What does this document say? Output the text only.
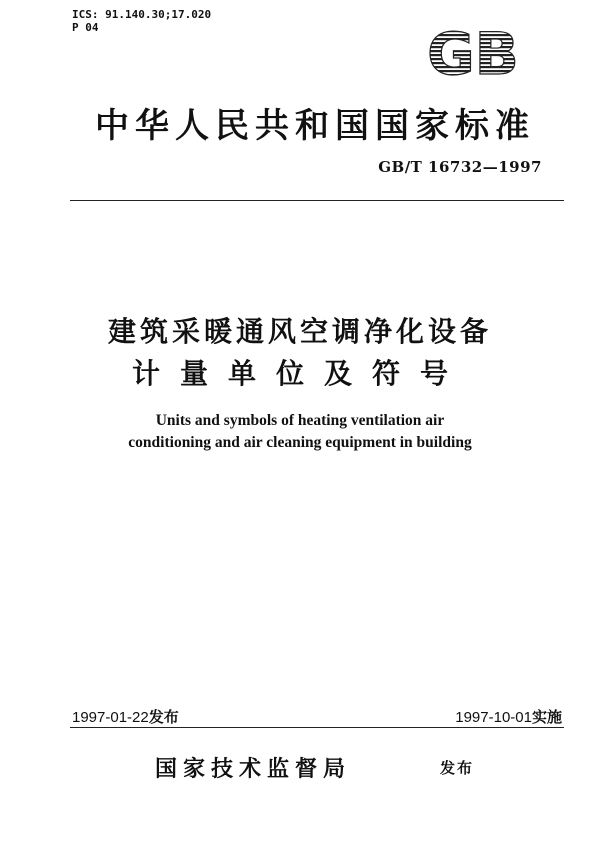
ICS: 91.140.30;17.020
P 04	GB
中华人民共和国国家标准
GB/T 16732—1997
建筑采暖通风空调净化设备
计量单位及符号
Units and symbols of heating ventilation air
conditioning and air cleaning equipment in building
1997-01-22发布	1997-10-01实施
国家技术监督局	发布
